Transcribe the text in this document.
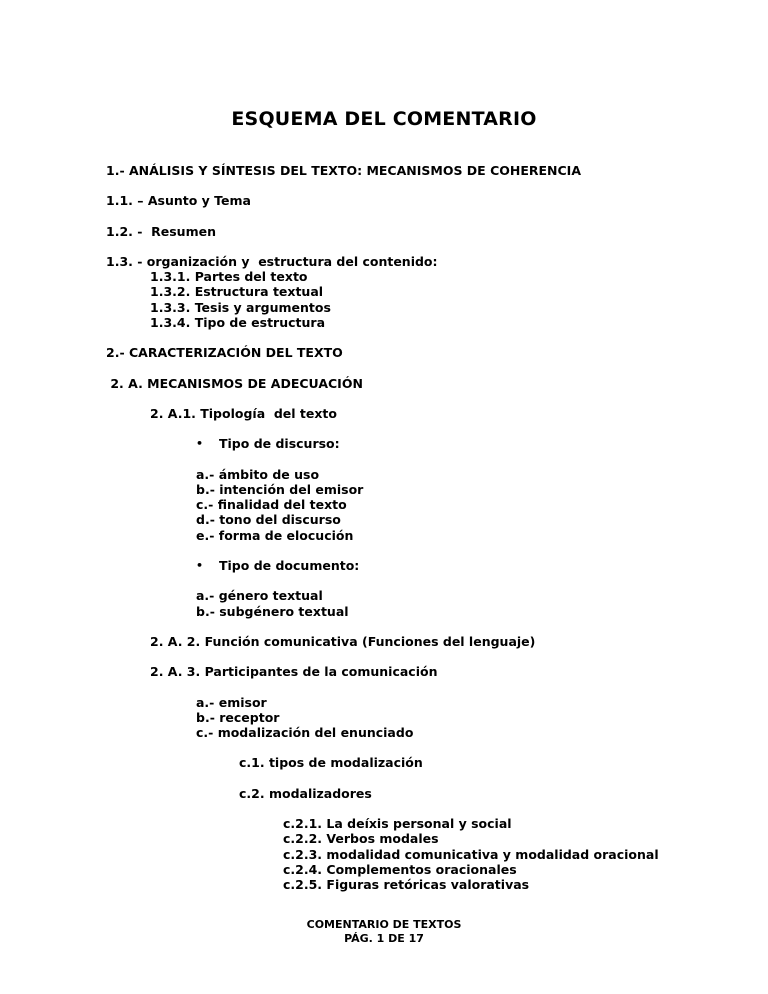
ESQUEMA DEL COMENTARIO

1.- ANÁLISIS Y SÍNTESIS DEL TEXTO: MECANISMOS DE COHERENCIA

1.1. – Asunto y Tema

1.2. -  Resumen

1.3. - organización y  estructura del contenido:

1.3.1. Partes del texto

1.3.2. Estructura textual

1.3.3. Tesis y argumentos

1.3.4. Tipo de estructura

2.- CARACTERIZACIÓN DEL TEXTO

2. A. MECANISMOS DE ADECUACIÓN

2. A.1. Tipología  del texto

• Tipo de discurso:

a.- ámbito de uso

b.- intención del emisor

c.- finalidad del texto

d.- tono del discurso

e.- forma de elocución

• Tipo de documento:

a.- género textual

b.- subgénero textual

2. A. 2. Función comunicativa (Funciones del lenguaje)

2. A. 3. Participantes de la comunicación

a.- emisor

b.- receptor

c.- modalización del enunciado

c.1. tipos de modalización

c.2. modalizadores

c.2.1. La deíxis personal y social

c.2.2. Verbos modales

c.2.3. modalidad comunicativa y modalidad oracional

c.2.4. Complementos oracionales

c.2.5. Figuras retóricas valorativas

COMENTARIO DE TEXTOS
PÁG. 1 DE 17
